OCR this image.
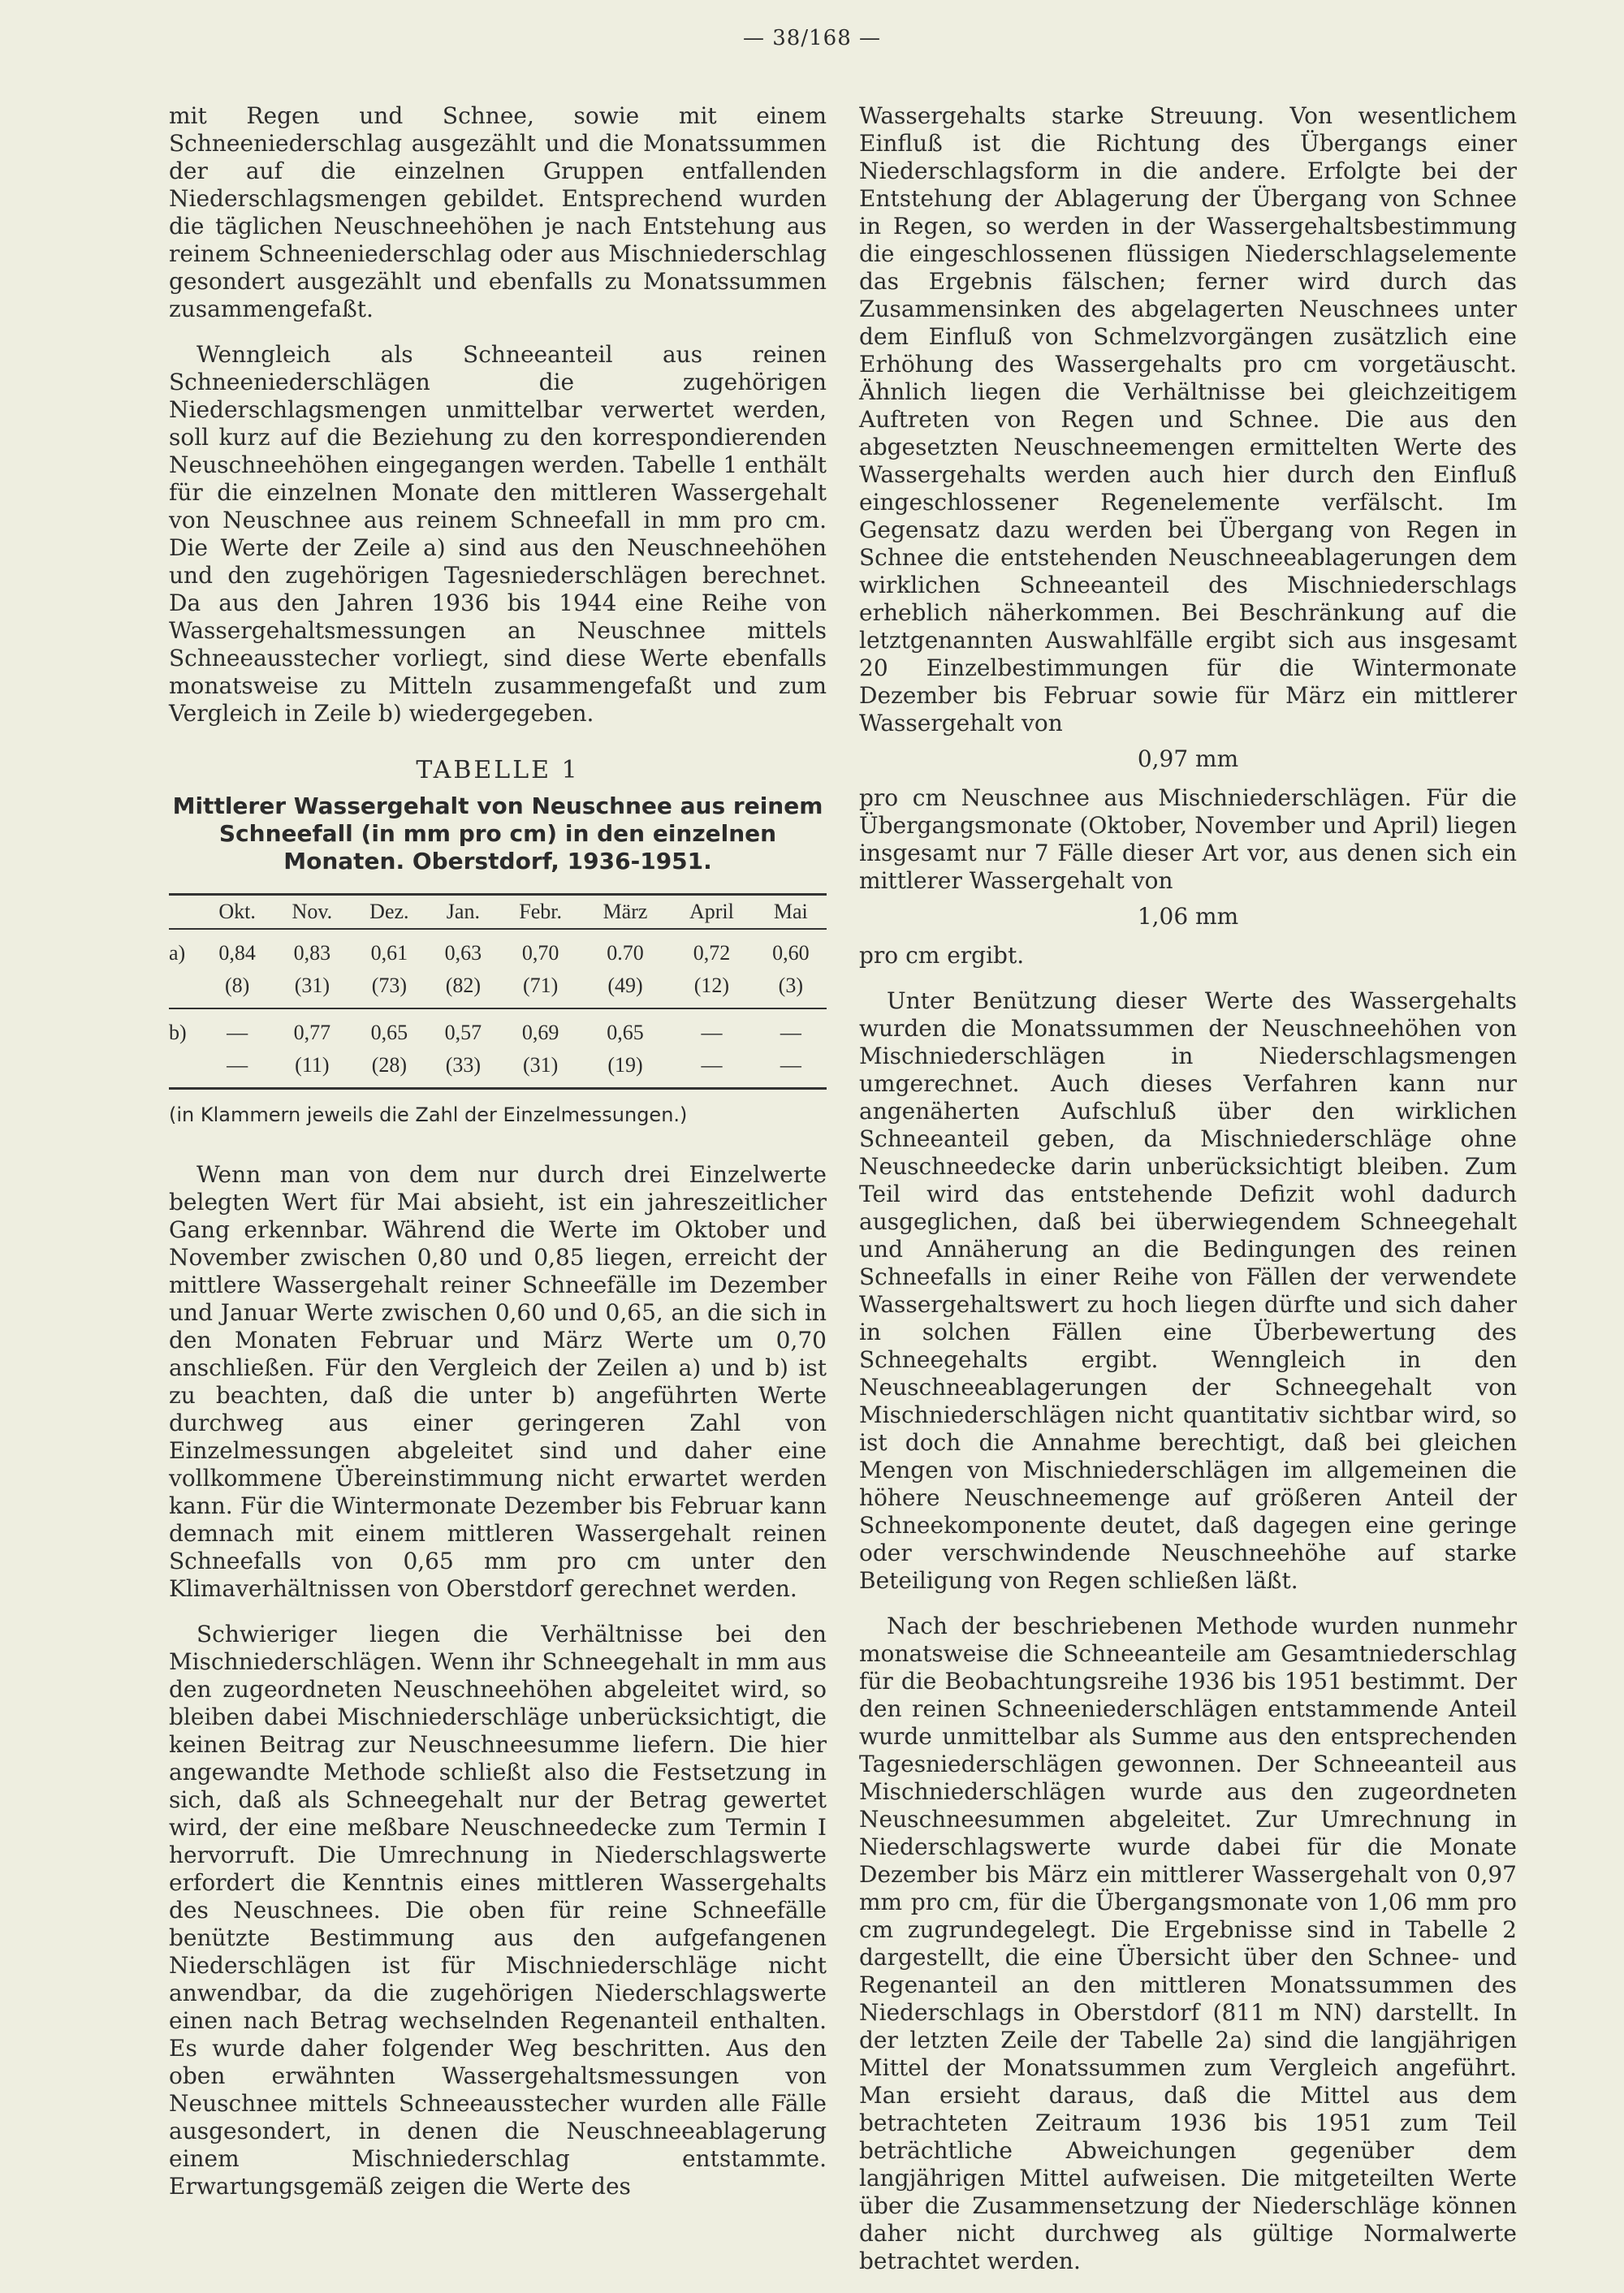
— 38/168 —

mit Regen und Schnee, sowie mit einem Schneeniederschlag ausgezählt und die Monatssummen der auf die einzelnen Gruppen entfallenden Niederschlagsmengen gebildet. Entsprechend wurden die täglichen Neuschneehöhen je nach Entstehung aus reinem Schneeniederschlag oder aus Mischniederschlag gesondert ausgezählt und ebenfalls zu Monatssummen zusammengefaßt.

Wenngleich als Schneeanteil aus reinen Schneeniederschlägen die zugehörigen Niederschlagsmengen unmittelbar verwertet werden, soll kurz auf die Beziehung zu den korrespondierenden Neuschneehöhen eingegangen werden. Tabelle 1 enthält für die einzelnen Monate den mittleren Wassergehalt von Neuschnee aus reinem Schneefall in mm pro cm. Die Werte der Zeile a) sind aus den Neuschneehöhen und den zugehörigen Tagesniederschlägen berechnet. Da aus den Jahren 1936 bis 1944 eine Reihe von Wassergehaltsmessungen an Neuschnee mittels Schneeausstecher vorliegt, sind diese Werte ebenfalls monatsweise zu Mitteln zusammengefaßt und zum Vergleich in Zeile b) wiedergegeben.

TABELLE 1
Mittlerer Wassergehalt von Neuschnee aus reinem Schneefall (in mm pro cm) in den einzelnen Monaten. Oberstdorf, 1936-1951.
	Okt.	Nov.	Dez.	Jan.	Febr.	März	April	Mai
a)	0,84	0,83	0,61	0,63	0,70	0.70	0,72	0,60
	(8)	(31)	(73)	(82)	(71)	(49)	(12)	(3)
b)	—	0,77	0,65	0,57	0,69	0,65	—	—
	—	(11)	(28)	(33)	(31)	(19)	—	—
(in Klammern jeweils die Zahl der Einzelmessungen.)

Wenn man von dem nur durch drei Einzelwerte belegten Wert für Mai absieht, ist ein jahreszeitlicher Gang erkennbar. Während die Werte im Oktober und November zwischen 0,80 und 0,85 liegen, erreicht der mittlere Wassergehalt reiner Schneefälle im Dezember und Januar Werte zwischen 0,60 und 0,65, an die sich in den Monaten Februar und März Werte um 0,70 anschließen. Für den Vergleich der Zeilen a) und b) ist zu beachten, daß die unter b) angeführten Werte durchweg aus einer geringeren Zahl von Einzelmessungen abgeleitet sind und daher eine vollkommene Übereinstimmung nicht erwartet werden kann. Für die Wintermonate Dezember bis Februar kann demnach mit einem mittleren Wassergehalt reinen Schneefalls von 0,65 mm pro cm unter den Klimaverhältnissen von Oberstdorf gerechnet werden.

Schwieriger liegen die Verhältnisse bei den Mischniederschlägen. Wenn ihr Schneegehalt in mm aus den zugeordneten Neuschneehöhen abgeleitet wird, so bleiben dabei Mischniederschläge unberücksichtigt, die keinen Beitrag zur Neuschneesumme liefern. Die hier angewandte Methode schließt also die Festsetzung in sich, daß als Schneegehalt nur der Betrag gewertet wird, der eine meßbare Neuschneedecke zum Termin I hervorruft. Die Umrechnung in Niederschlagswerte erfordert die Kenntnis eines mittleren Wassergehalts des Neuschnees. Die oben für reine Schneefälle benützte Bestimmung aus den aufgefangenen Niederschlägen ist für Mischniederschläge nicht anwendbar, da die zugehörigen Niederschlagswerte einen nach Betrag wechselnden Regenanteil enthalten. Es wurde daher folgender Weg beschritten. Aus den oben erwähnten Wassergehaltsmessungen von Neuschnee mittels Schneeausstecher wurden alle Fälle ausgesondert, in denen die Neuschneeablagerung einem Mischniederschlag entstammte. Erwartungsgemäß zeigen die Werte des

Wassergehalts starke Streuung. Von wesentlichem Einfluß ist die Richtung des Übergangs einer Niederschlagsform in die andere. Erfolgte bei der Entstehung der Ablagerung der Übergang von Schnee in Regen, so werden in der Wassergehaltsbestimmung die eingeschlossenen flüssigen Niederschlagselemente das Ergebnis fälschen; ferner wird durch das Zusammensinken des abgelagerten Neuschnees unter dem Einfluß von Schmelzvorgängen zusätzlich eine Erhöhung des Wassergehalts pro cm vorgetäuscht. Ähnlich liegen die Verhältnisse bei gleichzeitigem Auftreten von Regen und Schnee. Die aus den abgesetzten Neuschneemengen ermittelten Werte des Wassergehalts werden auch hier durch den Einfluß eingeschlossener Regenelemente verfälscht. Im Gegensatz dazu werden bei Übergang von Regen in Schnee die entstehenden Neuschneeablagerungen dem wirklichen Schneeanteil des Mischniederschlags erheblich näherkommen. Bei Beschränkung auf die letztgenannten Auswahlfälle ergibt sich aus insgesamt 20 Einzelbestimmungen für die Wintermonate Dezember bis Februar sowie für März ein mittlerer Wassergehalt von

0,97 mm

pro cm Neuschnee aus Mischniederschlägen. Für die Übergangsmonate (Oktober, November und April) liegen insgesamt nur 7 Fälle dieser Art vor, aus denen sich ein mittlerer Wassergehalt von

1,06 mm

pro cm ergibt.

Unter Benützung dieser Werte des Wassergehalts wurden die Monatssummen der Neuschneehöhen von Mischniederschlägen in Niederschlagsmengen umgerechnet. Auch dieses Verfahren kann nur angenäherten Aufschluß über den wirklichen Schneeanteil geben, da Mischniederschläge ohne Neuschneedecke darin unberücksichtigt bleiben. Zum Teil wird das entstehende Defizit wohl dadurch ausgeglichen, daß bei überwiegendem Schneegehalt und Annäherung an die Bedingungen des reinen Schneefalls in einer Reihe von Fällen der verwendete Wassergehaltswert zu hoch liegen dürfte und sich daher in solchen Fällen eine Überbewertung des Schneegehalts ergibt. Wenngleich in den Neuschneeablagerungen der Schneegehalt von Mischniederschlägen nicht quantitativ sichtbar wird, so ist doch die Annahme berechtigt, daß bei gleichen Mengen von Mischniederschlägen im allgemeinen die höhere Neuschneemenge auf größeren Anteil der Schneekomponente deutet, daß dagegen eine geringe oder verschwindende Neuschneehöhe auf starke Beteiligung von Regen schließen läßt.

Nach der beschriebenen Methode wurden nunmehr monatsweise die Schneeanteile am Gesamtniederschlag für die Beobachtungsreihe 1936 bis 1951 bestimmt. Der den reinen Schneeniederschlägen entstammende Anteil wurde unmittelbar als Summe aus den entsprechenden Tagesniederschlägen gewonnen. Der Schneeanteil aus Mischniederschlägen wurde aus den zugeordneten Neuschneesummen abgeleitet. Zur Umrechnung in Niederschlagswerte wurde dabei für die Monate Dezember bis März ein mittlerer Wassergehalt von 0,97 mm pro cm, für die Übergangsmonate von 1,06 mm pro cm zugrundegelegt. Die Ergebnisse sind in Tabelle 2 dargestellt, die eine Übersicht über den Schnee- und Regenanteil an den mittleren Monatssummen des Niederschlags in Oberstdorf (811 m NN) darstellt. In der letzten Zeile der Tabelle 2a) sind die langjährigen Mittel der Monatssummen zum Vergleich angeführt. Man ersieht daraus, daß die Mittel aus dem betrachteten Zeitraum 1936 bis 1951 zum Teil beträchtliche Abweichungen gegenüber dem langjährigen Mittel aufweisen. Die mitgeteilten Werte über die Zusammensetzung der Niederschläge können daher nicht durchweg als gültige Normalwerte betrachtet werden.
